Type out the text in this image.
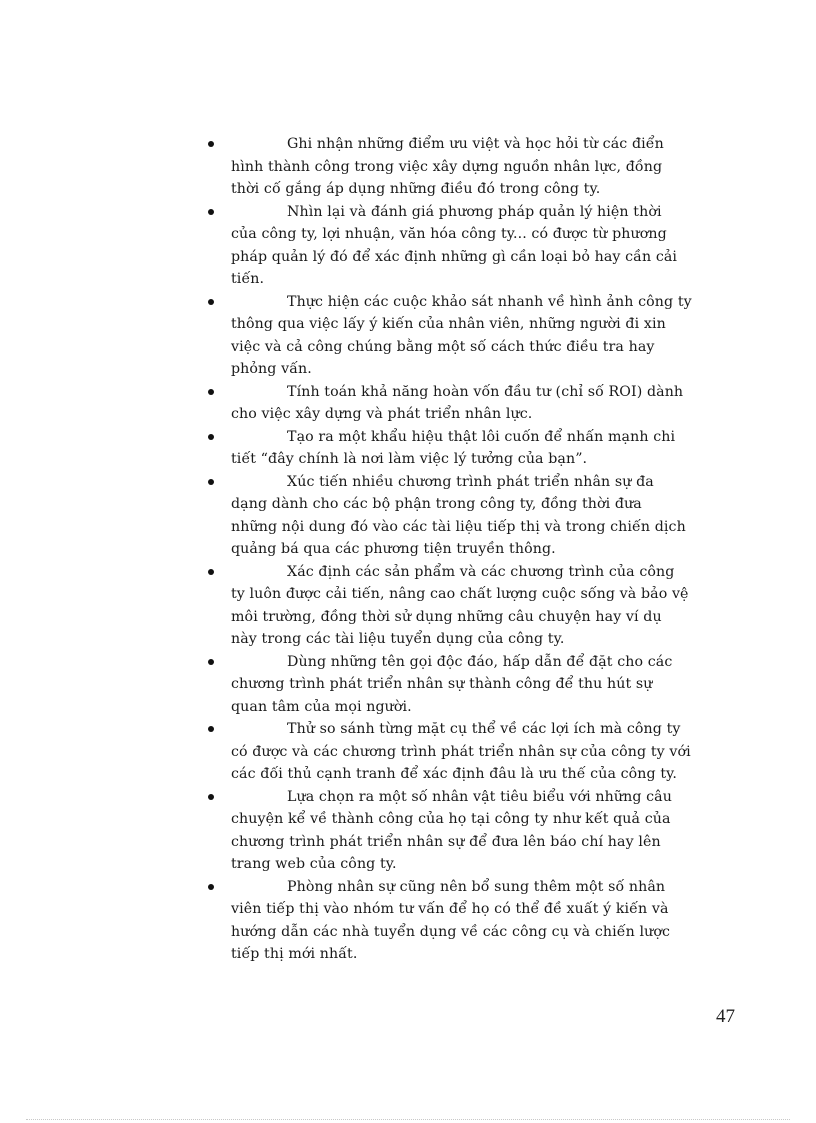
Ghi nhận những điểm ưu việt và học hỏi từ các điển hình thành công trong việc xây dựng nguồn nhân lực, đồng thời cố gắng áp dụng những điều đó trong công ty.
Nhìn lại và đánh giá phương pháp quản lý hiện thời của công ty, lợi nhuận, văn hóa công ty... có được từ phương pháp quản lý đó để xác định những gì cần loại bỏ hay cần cải tiến.
Thực hiện các cuộc khảo sát nhanh về hình ảnh công ty thông qua việc lấy ý kiến của nhân viên, những người đi xin việc và cả công chúng bằng một số cách thức điều tra hay phỏng vấn.
Tính toán khả năng hoàn vốn đầu tư (chỉ số ROI) dành cho việc xây dựng và phát triển nhân lực.
Tạo ra một khẩu hiệu thật lôi cuốn để nhấn mạnh chi tiết “đây chính là nơi làm việc lý tưởng của bạn”.
Xúc tiến nhiều chương trình phát triển nhân sự đa dạng dành cho các bộ phận trong công ty, đồng thời đưa những nội dung đó vào các tài liệu tiếp thị và trong chiến dịch quảng bá qua các phương tiện truyền thông.
Xác định các sản phẩm và các chương trình của công ty luôn được cải tiến, nâng cao chất lượng cuộc sống và bảo vệ môi trường, đồng thời sử dụng những câu chuyện hay ví dụ này trong các tài liệu tuyển dụng của công ty.
Dùng những tên gọi độc đáo, hấp dẫn để đặt cho các chương trình phát triển nhân sự thành công để thu hút sự quan tâm của mọi người.
Thử so sánh từng mặt cụ thể về các lợi ích mà công ty có được và các chương trình phát triển nhân sự của công ty với các đối thủ cạnh tranh để xác định đâu là ưu thế của công ty.
Lựa chọn ra một số nhân vật tiêu biểu với những câu chuyện kể về thành công của họ tại công ty như kết quả của chương trình phát triển nhân sự để đưa lên báo chí hay lên trang web của công ty.
Phòng nhân sự cũng nên bổ sung thêm một số nhân viên tiếp thị vào nhóm tư vấn để họ có thể đề xuất ý kiến và hướng dẫn các nhà tuyển dụng về các công cụ và chiến lược tiếp thị mới nhất.
47
